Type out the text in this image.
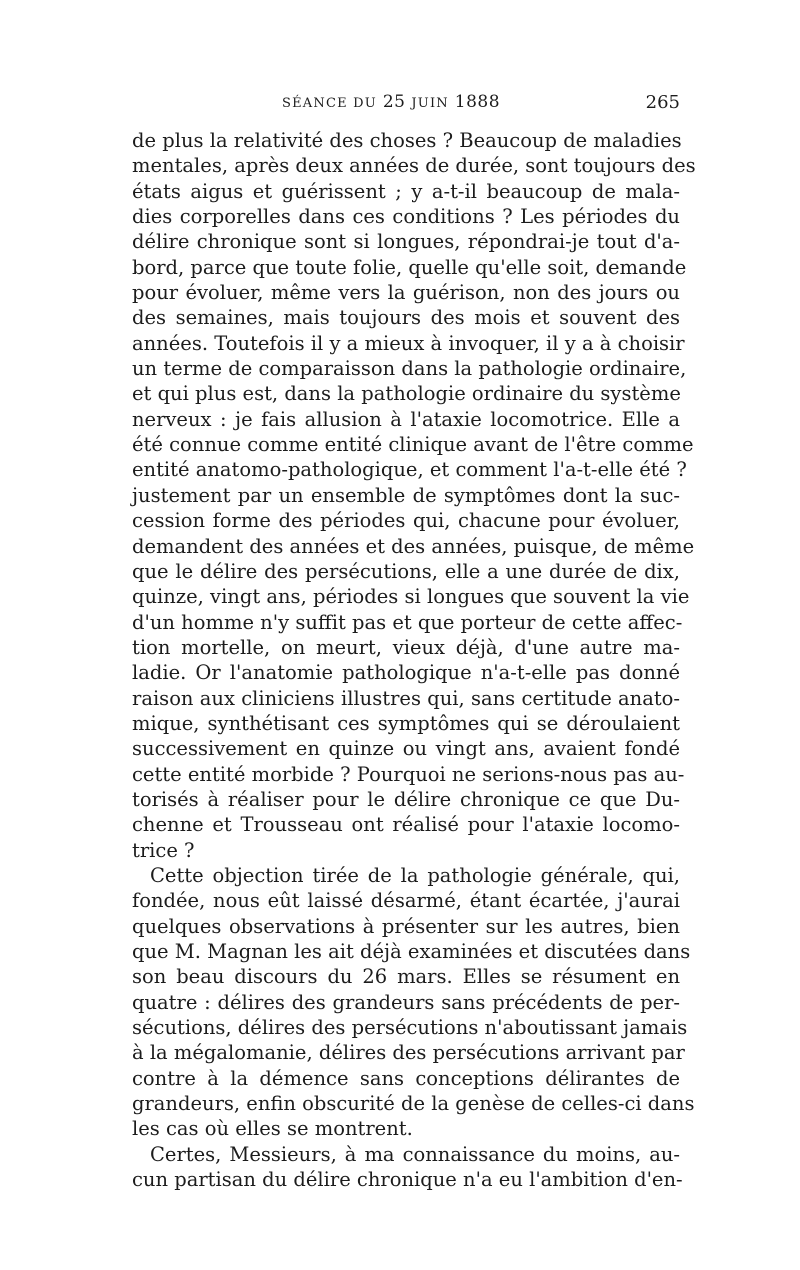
SÉANCE DU 25 JUIN 1888	265
de plus la relativité des choses ? Beaucoup de maladies
mentales, après deux années de durée, sont toujours des
états aigus et guérissent ; y a-t-il beaucoup de mala-
dies corporelles dans ces conditions ? Les périodes du
délire chronique sont si longues, répondrai-je tout d'a-
bord, parce que toute folie, quelle qu'elle soit, demande
pour évoluer, même vers la guérison, non des jours ou
des semaines, mais toujours des mois et souvent des
années. Toutefois il y a mieux à invoquer, il y a à choisir
un terme de comparaisson dans la pathologie ordinaire,
et qui plus est, dans la pathologie ordinaire du système
nerveux : je fais allusion à l'ataxie locomotrice. Elle a
été connue comme entité clinique avant de l'être comme
entité anatomo-pathologique, et comment l'a-t-elle été ?
justement par un ensemble de symptômes dont la suc-
cession forme des périodes qui, chacune pour évoluer,
demandent des années et des années, puisque, de même
que le délire des persécutions, elle a une durée de dix,
quinze, vingt ans, périodes si longues que souvent la vie
d'un homme n'y suffit pas et que porteur de cette affec-
tion mortelle, on meurt, vieux déjà, d'une autre ma-
ladie. Or l'anatomie pathologique n'a-t-elle pas donné
raison aux cliniciens illustres qui, sans certitude anato-
mique, synthétisant ces symptômes qui se déroulaient
successivement en quinze ou vingt ans, avaient fondé
cette entité morbide ? Pourquoi ne serions-nous pas au-
torisés à réaliser pour le délire chronique ce que Du-
chenne et Trousseau ont réalisé pour l'ataxie locomo-
trice ?
Cette objection tirée de la pathologie générale, qui,
fondée, nous eût laissé désarmé, étant écartée, j'aurai
quelques observations à présenter sur les autres, bien
que M. Magnan les ait déjà examinées et discutées dans
son beau discours du 26 mars. Elles se résument en
quatre : délires des grandeurs sans précédents de per-
sécutions, délires des persécutions n'aboutissant jamais
à la mégalomanie, délires des persécutions arrivant par
contre à la démence sans conceptions délirantes de
grandeurs, enfin obscurité de la genèse de celles-ci dans
les cas où elles se montrent.
Certes, Messieurs, à ma connaissance du moins, au-
cun partisan du délire chronique n'a eu l'ambition d'en-
